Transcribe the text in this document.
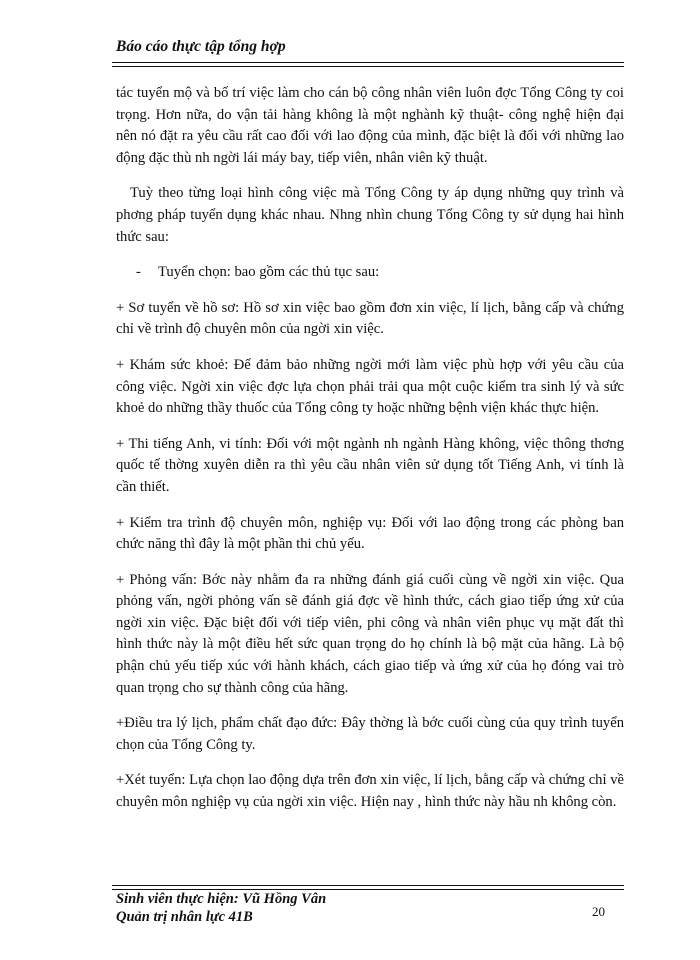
Báo cáo thực tập tổng hợp

tác tuyển mộ và bố trí việc làm cho cán bộ công nhân viên luôn đợc Tổng Công ty coi trọng. Hơn nữa, do vận tải hàng không là một nghành kỹ thuật- công nghệ hiện đại nên nó đặt ra yêu cầu rất cao đối với lao động của mình, đặc biệt là đối với những lao động đặc thù nh ngời lái máy bay, tiếp viên, nhân viên kỹ thuật.

Tuỳ theo từng loại hình công việc mà Tổng Công ty áp dụng những quy trình và phơng pháp tuyển dụng khác nhau. Nhng nhìn chung Tổng Công ty sử dụng hai hình thức sau:

- Tuyển chọn: bao gồm các thủ tục sau:

+ Sơ tuyển về hồ sơ: Hồ sơ xin việc bao gồm đơn xin việc, lí lịch, bằng cấp và chứng chỉ về trình độ chuyên môn của ngời xin việc.

+ Khám sức khoẻ: Để đảm bảo những ngời mới làm việc phù hợp với yêu cầu của công việc. Ngời xin việc đợc lựa chọn phải trải qua một cuộc kiểm tra sinh lý và sức khoẻ do những thầy thuốc của Tổng công ty hoặc những bệnh viện khác thực hiện.

+ Thi tiếng Anh, vi tính: Đối với một ngành nh ngành Hàng không, việc thông thơng quốc tế thờng xuyên diễn ra thì yêu cầu nhân viên sử dụng tốt Tiếng Anh, vi tính là cần thiết.

+ Kiểm tra trình độ chuyên môn, nghiệp vụ: Đối với lao động trong các phòng ban chức năng thì đây là một phần thi chủ yếu.

+ Phỏng vấn: Bớc này nhằm đa ra những đánh giá cuối cùng về ngời xin việc. Qua phỏng vấn, ngời phỏng vấn sẽ đánh giá đợc về hình thức, cách giao tiếp ứng xử của ngời xin việc. Đặc biệt đối với tiếp viên, phi công và nhân viên phục vụ mặt đất thì hình thức này là một điều hết sức quan trọng do họ chính là bộ mặt của hãng. Là bộ phận chủ yếu tiếp xúc với hành khách, cách giao tiếp và ứng xử của họ đóng vai trò quan trọng cho sự thành công của hãng.

+Điều tra lý lịch, phẩm chất đạo đức: Đây thờng là bớc cuối cùng của quy trình tuyển chọn của Tổng Công ty.

+Xét tuyển: Lựa chọn lao động dựa trên đơn xin việc, lí lịch, bằng cấp và chứng chỉ về chuyên môn nghiệp vụ của ngời xin việc. Hiện nay , hình thức này hầu nh không còn.

Sinh viên thực hiện: Vũ Hồng Vân
Quản trị nhân lực 41B	20
